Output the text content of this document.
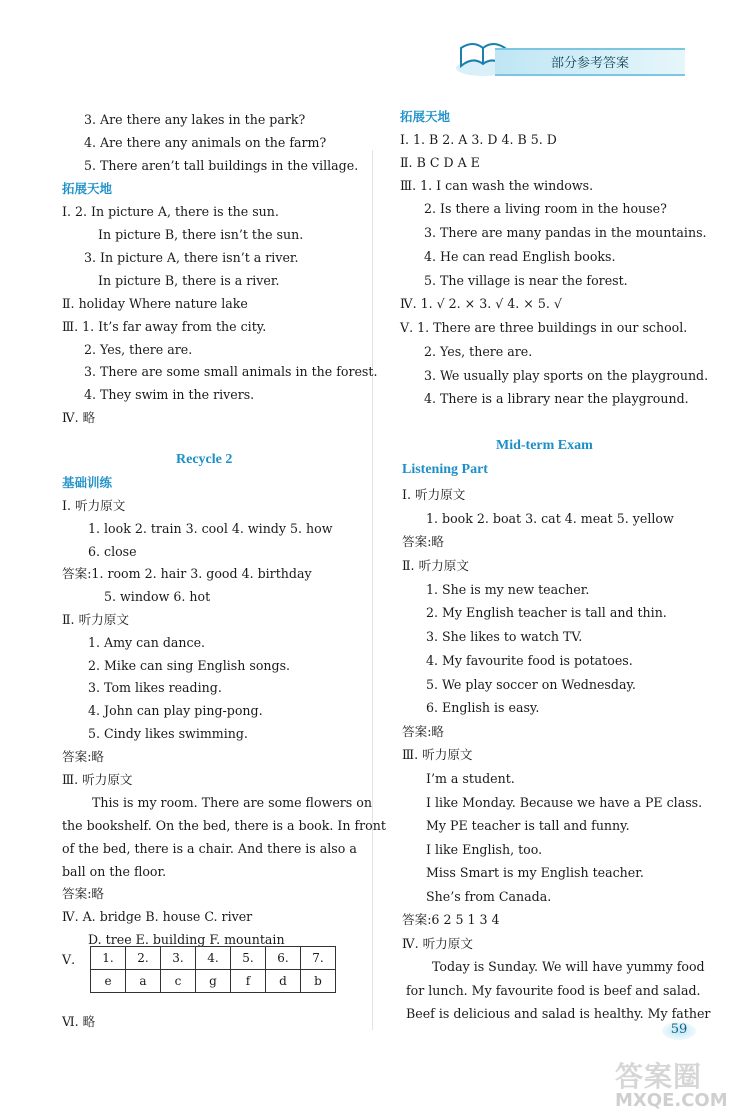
部分参考答案
3. Are there any lakes in the park?
4. Are there any animals on the farm?
5. There aren’t tall buildings in the village.
拓展天地
Ⅰ. 2. In picture A, there is the sun.
In picture B, there isn’t the sun.
3. In picture A, there isn’t a river.
In picture B, there is a river.
Ⅱ. holiday Where nature lake
Ⅲ. 1. It’s far away from the city.
2. Yes, there are.
3. There are some small animals in the forest.
4. They swim in the rivers.
Ⅳ. 略
Recycle 2
基础训练
Ⅰ. 听力原文
1. look 2. train 3. cool 4. windy 5. how
6. close
答案:1. room 2. hair 3. good 4. birthday
5. window 6. hot
Ⅱ. 听力原文
1. Amy can dance.
2. Mike can sing English songs.
3. Tom likes reading.
4. John can play ping-pong.
5. Cindy likes swimming.
答案:略
Ⅲ. 听力原文
This is my room. There are some flowers on
the bookshelf. On the bed, there is a book. In front
of the bed, there is a chair. And there is also a
ball on the floor.
答案:略
Ⅳ. A. bridge B. house C. river
D. tree E. building F. mountain
Ⅴ.
Ⅵ. 略
1.	2.	3.	4.	5.	6.	7.
e	a	c	g	f	d	b
拓展天地
Ⅰ. 1. B 2. A 3. D 4. B 5. D
Ⅱ. B C D A E
Ⅲ. 1. I can wash the windows.
2. Is there a living room in the house?
3. There are many pandas in the mountains.
4. He can read English books.
5. The village is near the forest.
Ⅳ. 1. √ 2. × 3. √ 4. × 5. √
Ⅴ. 1. There are three buildings in our school.
2. Yes, there are.
3. We usually play sports on the playground.
4. There is a library near the playground.
Mid-term Exam
Listening Part
Ⅰ. 听力原文
1. book 2. boat 3. cat 4. meat 5. yellow
答案:略
Ⅱ. 听力原文
1. She is my new teacher.
2. My English teacher is tall and thin.
3. She likes to watch TV.
4. My favourite food is potatoes.
5. We play soccer on Wednesday.
6. English is easy.
答案:略
Ⅲ. 听力原文
I’m a student.
I like Monday. Because we have a PE class.
My PE teacher is tall and funny.
I like English, too.
Miss Smart is my English teacher.
She’s from Canada.
答案:6 2 5 1 3 4
Ⅳ. 听力原文
Today is Sunday. We will have yummy food
for lunch. My favourite food is beef and salad.
Beef is delicious and salad is healthy. My father
59
答案圈
MXQE.COM
